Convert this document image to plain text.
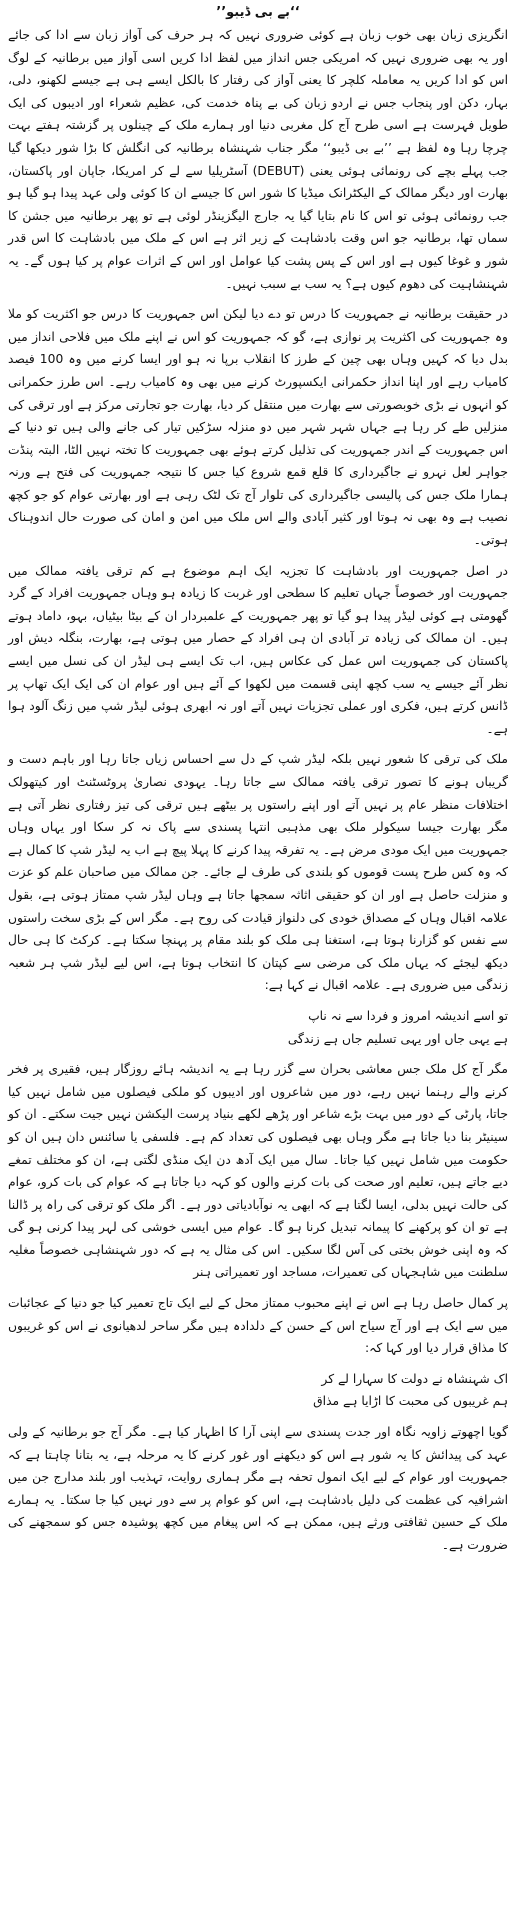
’’بے بی ڈیبو‘‘

انگریزی زبان بھی خوب زبان ہے کوئی ضروری نہیں کہ ہر حرف کی آواز زبان سے ادا کی جائے اور یہ بھی ضروری نہیں کہ امریکی جس انداز میں لفظ ادا کریں اسی آواز میں برطانیہ کے لوگ اس کو ادا کریں یہ معاملہ کلچر کا یعنی آواز کی رفتار کا بالکل ایسے ہی ہے جیسے لکھنو، دلی، بہار، دکن اور پنجاب جس نے اردو زبان کی بے پناہ خدمت کی، عظیم شعراء اور ادیبوں کی ایک طویل فہرست ہے اسی طرح آج کل مغربی دنیا اور ہمارے ملک کے چینلوں پر گزشتہ ہفتے بہت چرچا رہا وہ لفظ ہے ’’بے بی ڈیبو‘‘ مگر جناب شہنشاہ برطانیہ کی انگلش کا بڑا شور دیکھا گیا جب پہلے بچے کی رونمائی ہوئی یعنی (DEBUT) آسٹریلیا سے لے کر امریکا، جاپان اور پاکستان، بھارت اور دیگر ممالک کے الیکٹرانک میڈیا کا شور اس کا جیسے ان کا کوئی ولی عہد پیدا ہو گیا ہو جب رونمائی ہوئی تو اس کا نام بتایا گیا یہ جارج الیگزینڈر لوئی ہے تو پھر برطانیہ میں جشن کا سماں تھا، برطانیہ جو اس وقت بادشاہت کے زیر اثر ہے اس کے ملک میں بادشاہت کا اس قدر شور و غوغا کیوں ہے اور اس کے پس پشت کیا عوامل اور اس کے اثرات عوام پر کیا ہوں گے۔ یہ شہنشاہیت کی دھوم کیوں ہے؟ یہ سب بے سبب نہیں۔

در حقیقت برطانیہ نے جمہوریت کا درس تو دے دیا لیکن اس جمہوریت کا درس جو اکثریت کو ملا وہ جمہوریت کی اکثریت پر نوازی ہے، گو کہ جمہوریت کو اس نے اپنے ملک میں فلاحی انداز میں بدل دیا کہ کہیں وہاں بھی چین کے طرز کا انقلاب برپا نہ ہو اور ایسا کرنے میں وہ 100 فیصد کامیاب رہے اور اپنا انداز حکمرانی ایکسپورٹ کرنے میں بھی وہ کامیاب رہے۔ اس طرز حکمرانی کو انہوں نے بڑی خوبصورتی سے بھارت میں منتقل کر دیا، بھارت جو تجارتی مرکز ہے اور ترقی کی منزلیں طے کر رہا ہے جہاں شہر شہر میں دو منزلہ سڑکیں تیار کی جانے والی ہیں تو دنیا کے اس جمہوریت کے اندر جمہوریت کی تذلیل کرتے ہوئے بھی جمہوریت کا تختہ نہیں الٹا، البتہ پنڈت جواہر لعل نہرو نے جاگیرداری کا قلع قمع شروع کیا جس کا نتیجہ جمہوریت کی فتح ہے ورنہ ہمارا ملک جس کی پالیسی جاگیرداری کی تلوار آج تک لٹک رہی ہے اور بھارتی عوام کو جو کچھ نصیب ہے وہ بھی نہ ہوتا اور کثیر آبادی والے اس ملک میں امن و امان کی صورت حال اندوہناک ہوتی۔

در اصل جمہوریت اور بادشاہت کا تجزیہ ایک اہم موضوع ہے کم ترقی یافتہ ممالک میں جمہوریت اور خصوصاً جہاں تعلیم کا سطحی اور غربت کا زیادہ ہو وہاں جمہوریت افراد کے گرد گھومتی ہے کوئی لیڈر پیدا ہو گیا تو پھر جمہوریت کے علمبردار ان کے بیٹا بیٹیاں، بہو، داماد ہوتے ہیں۔ ان ممالک کی زیادہ تر آبادی ان ہی افراد کے حصار میں ہوتی ہے، بھارت، بنگلہ دیش اور پاکستان کی جمہوریت اس عمل کی عکاس ہیں، اب تک ایسے ہی لیڈر ان کی نسل میں ایسے نظر آئے جیسے یہ سب کچھ اپنی قسمت میں لکھوا کے آئے ہیں اور عوام ان کی ایک ایک تھاپ پر ڈانس کرتے ہیں، فکری اور عملی تجزیات نہیں آتے اور نہ ابھری ہوئی لیڈر شپ میں زنگ آلود ہوا ہے۔

ملک کی ترقی کا شعور نہیں بلکہ لیڈر شپ کے دل سے احساس زیاں جاتا رہا اور باہم دست و گریباں ہونے کا تصور ترقی یافتہ ممالک سے جاتا رہا۔ یہودی نصاریٰ پروٹسٹنٹ اور کیتھولک اختلافات منظر عام پر نہیں آتے اور اپنے راستوں پر بیٹھے ہیں ترقی کی تیز رفتاری نظر آتی ہے مگر بھارت جیسا سیکولر ملک بھی مذہبی انتہا پسندی سے پاک نہ کر سکا اور یہاں وہاں جمہوریت میں ایک مودی مرض ہے۔ یہ تفرقہ پیدا کرنے کا پہلا پیچ ہے اب یہ لیڈر شپ کا کمال ہے کہ وہ کس طرح پست قوموں کو بلندی کی طرف لے جائے۔ جن ممالک میں صاحبان علم کو عزت و منزلت حاصل ہے اور ان کو حقیقی اثاثہ سمجھا جاتا ہے وہاں لیڈر شپ ممتاز ہوتی ہے، بقول علامہ اقبال وہاں کے مصداق خودی کی دلنواز قیادت کی روح ہے۔ مگر اس کے بڑی سخت راستوں سے نفس کو گزارنا ہوتا ہے، استغنا ہی ملک کو بلند مقام پر پہنچا سکتا ہے۔ کرکٹ کا ہی حال دیکھ لیجئے کہ یہاں ملک کی مرضی سے کپتان کا انتخاب ہوتا ہے، اس لیے لیڈر شپ ہر شعبہ زندگی میں ضروری ہے۔ علامہ اقبال نے کہا ہے:

تو اسے اندیشہ امروز و فردا سے نہ ناپ
ہے یہی جاں اور یہی تسلیم جاں ہے زندگی

مگر آج کل ملک جس معاشی بحران سے گزر رہا ہے یہ اندیشہ ہائے روزگار ہیں، فقیری پر فخر کرنے والے رہنما نہیں رہے، دور میں شاعروں اور ادیبوں کو ملکی فیصلوں میں شامل نہیں کیا جاتا، پارٹی کے دور میں بہت بڑے شاعر اور پڑھے لکھے بنیاد پرست الیکشن نہیں جیت سکتے۔ ان کو سینیٹر بنا دیا جاتا ہے مگر وہاں بھی فیصلوں کی تعداد کم ہے۔ فلسفی یا سائنس دان ہیں ان کو حکومت میں شامل نہیں کیا جاتا۔ سال میں ایک آدھ دن ایک منڈی لگتی ہے، ان کو مختلف تمغے دیے جاتے ہیں، تعلیم اور صحت کی بات کرنے والوں کو کہہ دیا جاتا ہے کہ عوام کی بات کرو، عوام کی حالت نہیں بدلی، ایسا لگتا ہے کہ ابھی یہ نوآبادیاتی دور ہے۔ اگر ملک کو ترقی کی راہ پر ڈالنا ہے تو ان کو پرکھنے کا پیمانہ تبدیل کرنا ہو گا۔ عوام میں ایسی خوشی کی لہر پیدا کرنی ہو گی کہ وہ اپنی خوش بختی کی آس لگا سکیں۔ اس کی مثال یہ ہے کہ دور شہنشاہی خصوصاً مغلیہ سلطنت میں شاہجہاں کی تعمیرات، مساجد اور تعمیراتی ہنر

پر کمال حاصل رہا ہے اس نے اپنے محبوب ممتاز محل کے لیے ایک تاج تعمیر کیا جو دنیا کے عجائبات میں سے ایک ہے اور آج سیاح اس کے حسن کے دلدادہ ہیں مگر ساحر لدھیانوی نے اس کو غریبوں کا مذاق قرار دیا اور کہا کہ:

اک شہنشاہ نے دولت کا سہارا لے کر
ہم غریبوں کی محبت کا اڑایا ہے مذاق

گویا اچھوتے زاویہ نگاہ اور جدت پسندی سے اپنی آرا کا اظہار کیا ہے۔ مگر آج جو برطانیہ کے ولی عہد کی پیدائش کا یہ شور ہے اس کو دیکھنے اور غور کرنے کا یہ مرحلہ ہے، یہ بتانا چاہتا ہے کہ جمہوریت اور عوام کے لیے ایک انمول تحفہ ہے مگر ہماری روایت، تہذیب اور بلند مدارج جن میں اشرافیہ کی عظمت کی دلیل بادشاہت ہے، اس کو عوام پر سے دور نہیں کیا جا سکتا۔ یہ ہمارے ملک کے حسین ثقافتی ورثے ہیں، ممکن ہے کہ اس پیغام میں کچھ پوشیدہ جس کو سمجھنے کی ضرورت ہے۔
